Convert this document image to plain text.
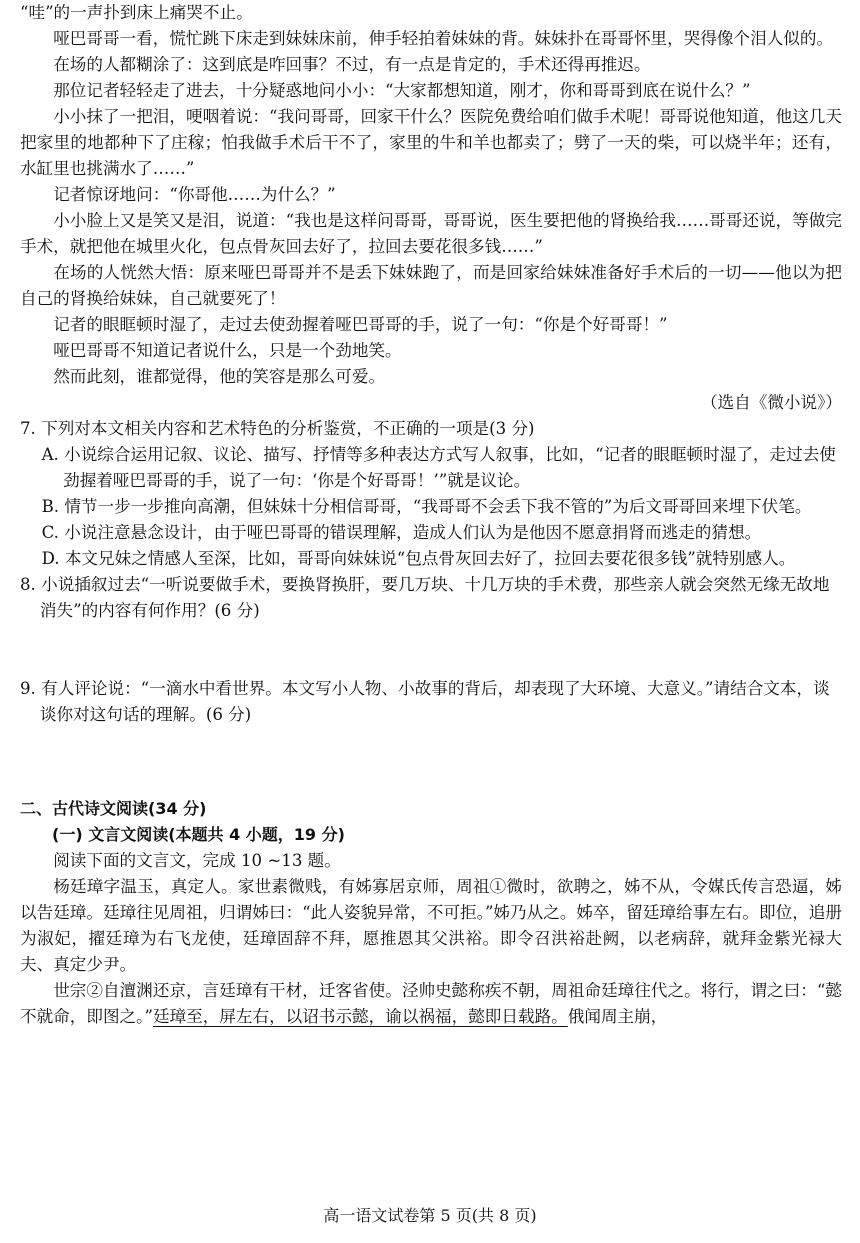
“哇”的一声扑到床上痛哭不止。

哑巴哥哥一看，慌忙跳下床走到妹妹床前，伸手轻拍着妹妹的背。妹妹扑在哥哥怀里，哭得像个泪人似的。

在场的人都糊涂了：这到底是咋回事？不过，有一点是肯定的，手术还得再推迟。

那位记者轻轻走了进去，十分疑惑地问小小：“大家都想知道，刚才，你和哥哥到底在说什么？”

小小抹了一把泪，哽咽着说：“我问哥哥，回家干什么？医院免费给咱们做手术呢！哥哥说他知道，他这几天把家里的地都种下了庄稼；怕我做手术后干不了，家里的牛和羊也都卖了；劈了一天的柴，可以烧半年；还有，水缸里也挑满水了……”

记者惊讶地问：“你哥他……为什么？”

小小脸上又是笑又是泪，说道：“我也是这样问哥哥，哥哥说，医生要把他的肾换给我……哥哥还说，等做完手术，就把他在城里火化，包点骨灰回去好了，拉回去要花很多钱……”

在场的人恍然大悟：原来哑巴哥哥并不是丢下妹妹跑了，而是回家给妹妹准备好手术后的一切——他以为把自己的肾换给妹妹，自己就要死了！

记者的眼眶顿时湿了，走过去使劲握着哑巴哥哥的手，说了一句：“你是个好哥哥！”

哑巴哥哥不知道记者说什么，只是一个劲地笑。

然而此刻，谁都觉得，他的笑容是那么可爱。

（选自《微小说》）

7. 下列对本文相关内容和艺术特色的分析鉴赏，不正确的一项是(3 分)

A. 小说综合运用记叙、议论、描写、抒情等多种表达方式写人叙事，比如，“记者的眼眶顿时湿了，走过去使劲握着哑巴哥哥的手，说了一句：‘你是个好哥哥！’”就是议论。

B. 情节一步一步推向高潮，但妹妹十分相信哥哥，“我哥哥不会丢下我不管的”为后文哥哥回来埋下伏笔。

C. 小说注意悬念设计，由于哑巴哥哥的错误理解，造成人们认为是他因不愿意捐肾而逃走的猜想。

D. 本文兄妹之情感人至深，比如，哥哥向妹妹说“包点骨灰回去好了，拉回去要花很多钱”就特别感人。

8. 小说插叙过去“一听说要做手术，要换肾换肝，要几万块、十几万块的手术费，那些亲人就会突然无缘无故地消失”的内容有何作用？(6 分)

9. 有人评论说：“一滴水中看世界。本文写小人物、小故事的背后，却表现了大环境、大意义。”请结合文本，谈谈你对这句话的理解。(6 分)

二、古代诗文阅读(34 分)

(一) 文言文阅读(本题共 4 小题，19 分)

阅读下面的文言文，完成 10 ~13 题。

杨廷璋字温玉，真定人。家世素微贱，有姊寡居京师，周祖①微时，欲聘之，姊不从，令媒氏传言恐逼，姊以告廷璋。廷璋往见周祖，归谓姊曰：“此人姿貌异常，不可拒。”姊乃从之。姊卒，留廷璋给事左右。即位，追册为淑妃，擢廷璋为右飞龙使，廷璋固辞不拜，愿推恩其父洪裕。即令召洪裕赴阙，以老病辞，就拜金紫光禄大夫、真定少尹。

世宗②自澶渊还京，言廷璋有干材，迁客省使。泾帅史懿称疾不朝，周祖命廷璋往代之。将行，谓之曰：“懿不就命，即图之。”廷璋至，屏左右，以诏书示懿，谕以祸福，懿即日载路。俄闻周主崩，

高一语文试卷第 5 页(共 8 页)
